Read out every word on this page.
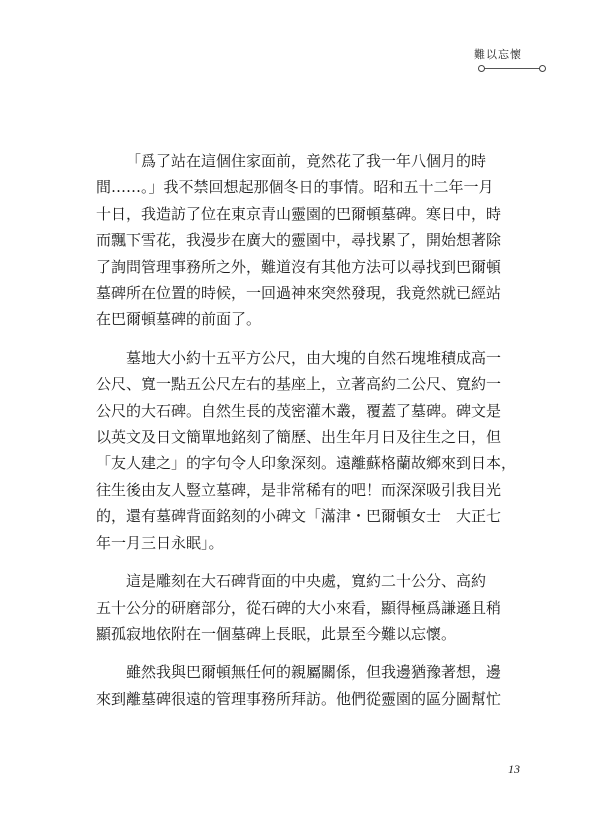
難以忘懷

「爲了站在這個住家面前，竟然花了我一年八個月的時
間……。」我不禁回想起那個冬日的事情。昭和五十二年一月
十日，我造訪了位在東京青山靈園的巴爾頓墓碑。寒日中，時
而飄下雪花，我漫步在廣大的靈園中，尋找累了，開始想著除
了詢問管理事務所之外，難道沒有其他方法可以尋找到巴爾頓
墓碑所在位置的時候，一回過神來突然發現，我竟然就已經站
在巴爾頓墓碑的前面了。

墓地大小約十五平方公尺，由大塊的自然石塊堆積成高一
公尺、寬一點五公尺左右的基座上，立著高約二公尺、寬約一
公尺的大石碑。自然生長的茂密灌木叢，覆蓋了墓碑。碑文是
以英文及日文簡單地銘刻了簡歷、出生年月日及往生之日，但
「友人建之」的字句令人印象深刻。遠離蘇格蘭故鄉來到日本，
往生後由友人豎立墓碑，是非常稀有的吧！而深深吸引我目光
的，還有墓碑背面銘刻的小碑文「滿津・巴爾頓女士　大正七
年一月三日永眠」。

這是雕刻在大石碑背面的中央處，寬約二十公分、高約
五十公分的研磨部分，從石碑的大小來看，顯得極爲謙遜且稍
顯孤寂地依附在一個墓碑上長眠，此景至今難以忘懷。

雖然我與巴爾頓無任何的親屬關係，但我邊猶豫著想，邊
來到離墓碑很遠的管理事務所拜訪。他們從靈園的區分圖幫忙

13
